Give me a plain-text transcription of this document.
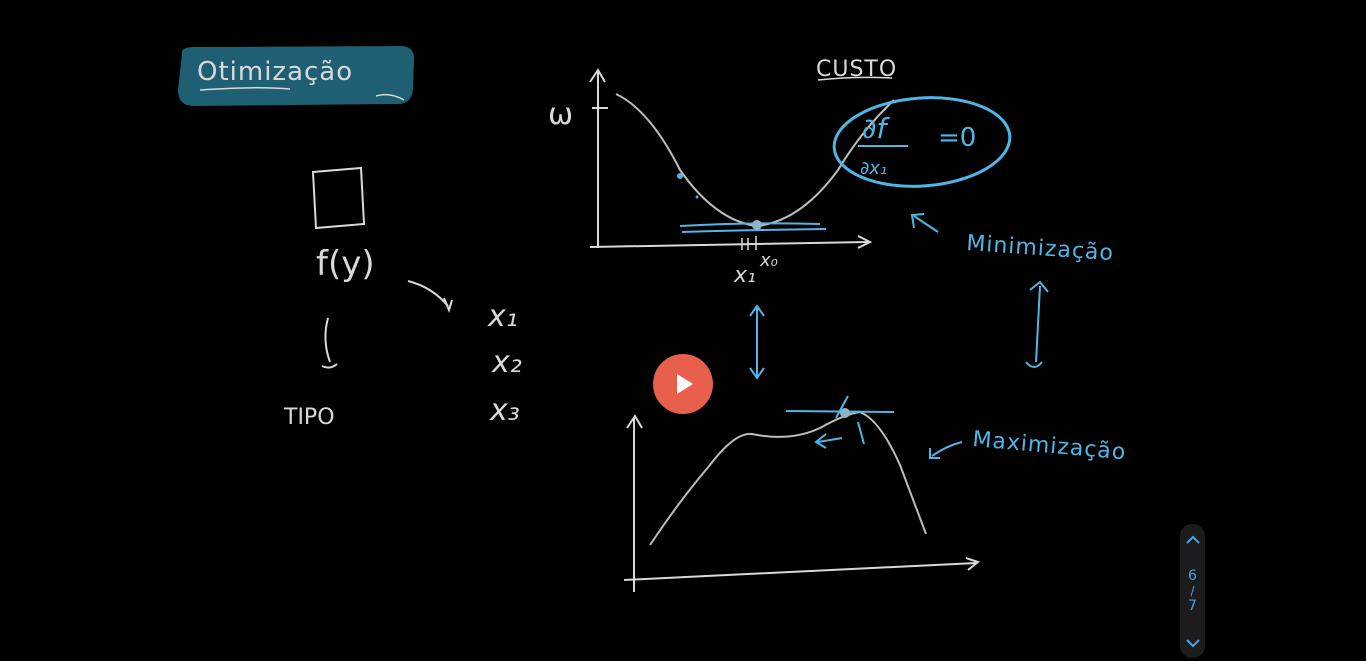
Otimização
f(y)
TIPO
x₁
x₂
x₃
CUSTO
ω
x₁
x₀
∂f
∂x₁
=0
Minimização
Maximização
6
/
7
